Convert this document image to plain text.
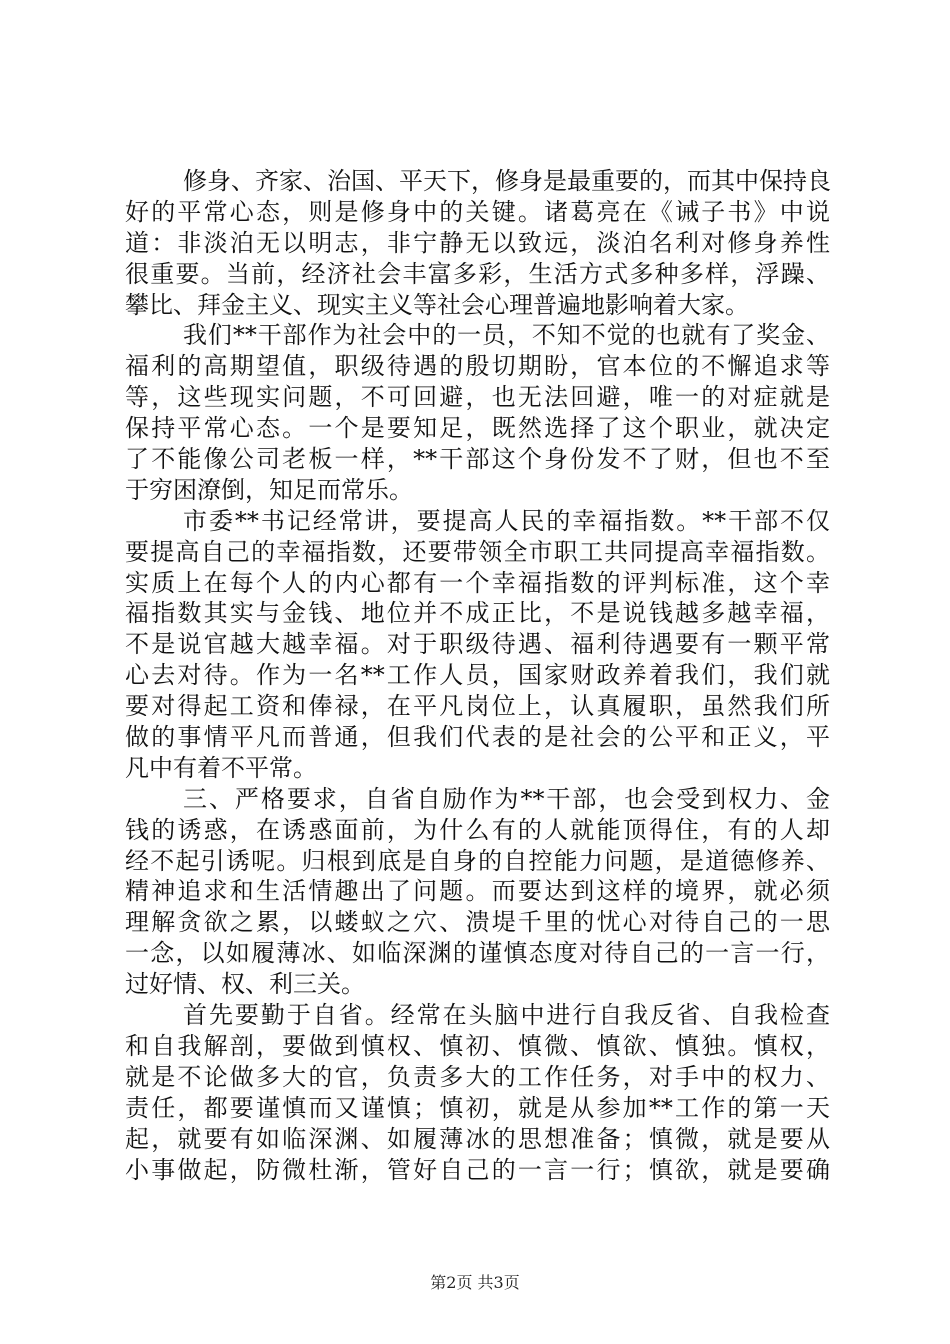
修身、齐家、治国、平天下，修身是最重要的，而其中保持良
好的平常心态，则是修身中的关键。诸葛亮在《诫子书》中说
道：非淡泊无以明志，非宁静无以致远，淡泊名利对修身养性
很重要。当前，经济社会丰富多彩，生活方式多种多样，浮躁、
攀比、拜金主义、现实主义等社会心理普遍地影响着大家。
我们**干部作为社会中的一员，不知不觉的也就有了奖金、
福利的高期望值，职级待遇的殷切期盼，官本位的不懈追求等
等，这些现实问题，不可回避，也无法回避，唯一的对症就是
保持平常心态。一个是要知足，既然选择了这个职业，就决定
了不能像公司老板一样，**干部这个身份发不了财，但也不至
于穷困潦倒，知足而常乐。
市委**书记经常讲，要提高人民的幸福指数。**干部不仅
要提高自己的幸福指数，还要带领全市职工共同提高幸福指数。
实质上在每个人的内心都有一个幸福指数的评判标准，这个幸
福指数其实与金钱、地位并不成正比，不是说钱越多越幸福，
不是说官越大越幸福。对于职级待遇、福利待遇要有一颗平常
心去对待。作为一名**工作人员，国家财政养着我们，我们就
要对得起工资和俸禄，在平凡岗位上，认真履职，虽然我们所
做的事情平凡而普通，但我们代表的是社会的公平和正义，平
凡中有着不平常。
三、严格要求，自省自励作为**干部，也会受到权力、金
钱的诱惑，在诱惑面前，为什么有的人就能顶得住，有的人却
经不起引诱呢。归根到底是自身的自控能力问题，是道德修养、
精神追求和生活情趣出了问题。而要达到这样的境界，就必须
理解贪欲之累，以蝼蚁之穴、溃堤千里的忧心对待自己的一思
一念，以如履薄冰、如临深渊的谨慎态度对待自己的一言一行，
过好情、权、利三关。
首先要勤于自省。经常在头脑中进行自我反省、自我检查
和自我解剖，要做到慎权、慎初、慎微、慎欲、慎独。慎权，
就是不论做多大的官，负责多大的工作任务，对手中的权力、
责任，都要谨慎而又谨慎；慎初，就是从参加**工作的第一天
起，就要有如临深渊、如履薄冰的思想准备；慎微，就是要从
小事做起，防微杜渐，管好自己的一言一行；慎欲，就是要确
第2页 共3页
